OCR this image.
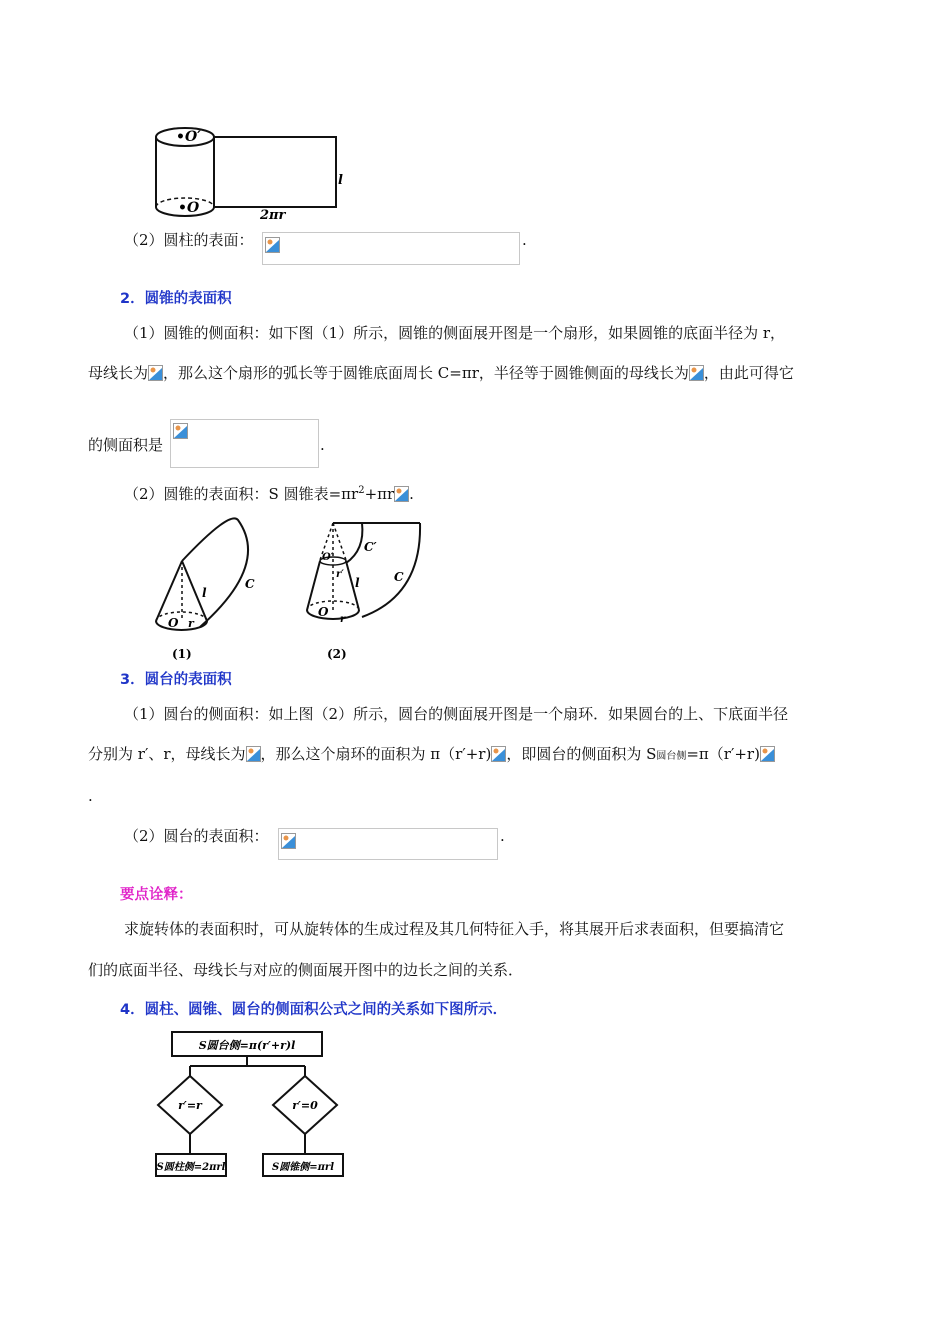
•O′
•O
l
2πr
（2）圆柱的表面：	.
2．圆锥的表面积
（1）圆锥的侧面积：如下图（1）所示，圆锥的侧面展开图是一个扇形，如果圆锥的底面半径为 r，
母线长为 ，那么这个扇形的弧长等于圆锥底面周长 C=πr，半径等于圆锥侧面的母线长为 ，由此可得它
的侧面积是	.
（2）圆锥的表面积：S 圆锥表$=\pi r^2+\pi r$ .
l
C
O r
(1)
O′
r′
C′
l	C
O
r
(2)
3．圆台的表面积
（1）圆台的侧面积：如上图（2）所示，圆台的侧面展开图是一个扇环．如果圆台的上、下底面半径
分别为 r′、r，母线长为 ，那么这个扇环的面积为 π（r′+r) ，即圆台的侧面积为 S圆台侧=π（r′+r)
.
（2）圆台的表面积：	.
要点诠释：
求旋转体的表面积时，可从旋转体的生成过程及其几何特征入手，将其展开后求表面积，但要搞清它
们的底面半径、母线长与对应的侧面展开图中的边长之间的关系．
4．圆柱、圆锥、圆台的侧面积公式之间的关系如下图所示．
S圆台侧=π(r′+r)l
r′=r	r′=0
S圆柱侧=2πrl	S圆锥侧=πrl
